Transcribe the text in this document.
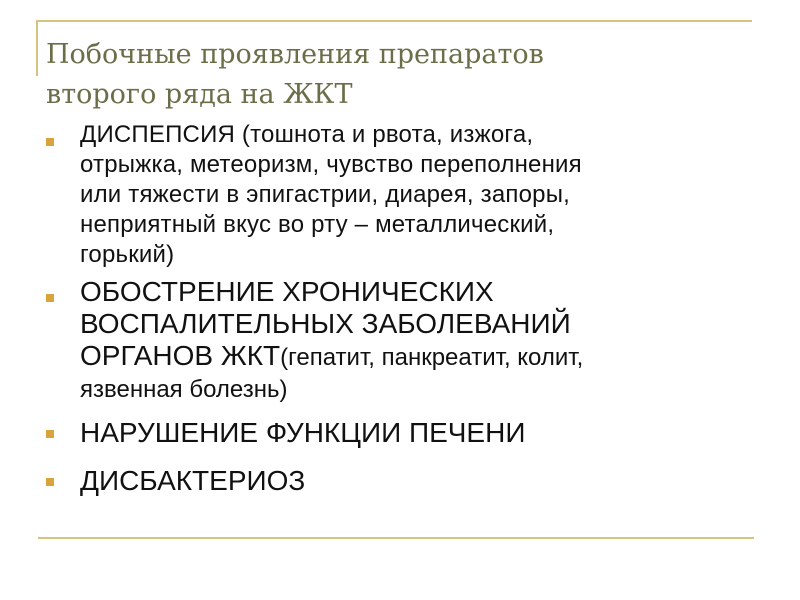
Побочные проявления препаратов
второго ряда на ЖКТ
ДИСПЕПСИЯ (тошнота и рвота, изжога,
отрыжка, метеоризм, чувство переполнения
или тяжести в эпигастрии, диарея, запоры,
неприятный вкус во рту – металлический,
горький)
ОБОСТРЕНИЕ ХРОНИЧЕСКИХ
ВОСПАЛИТЕЛЬНЫХ ЗАБОЛЕВАНИЙ
ОРГАНОВ ЖКТ(гепатит, панкреатит, колит,
язвенная болезнь)
НАРУШЕНИЕ ФУНКЦИИ ПЕЧЕНИ
ДИСБАКТЕРИОЗ
